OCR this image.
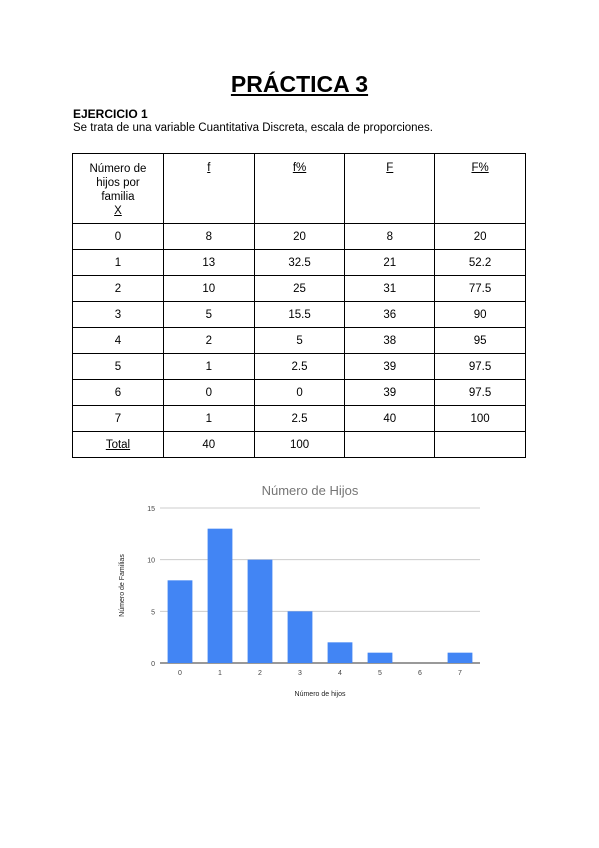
PRÁCTICA 3
EJERCICIO 1
Se trata de una variable Cuantitativa Discreta, escala de proporciones.
Número de hijos por familia
X	f	f%	F	F%
0	8	20	8	20
1	13	32.5	21	52.2
2	10	25	31	77.5
3	5	15.5	36	90
4	2	5	38	95
5	1	2.5	39	97.5
6	0	0	39	97.5
7	1	2.5	40	100
Total	40	100		
Número de Hijos
0
5
10
15
0	1	2	3	4	5	6	7
Número de hijos
Número de Familias
